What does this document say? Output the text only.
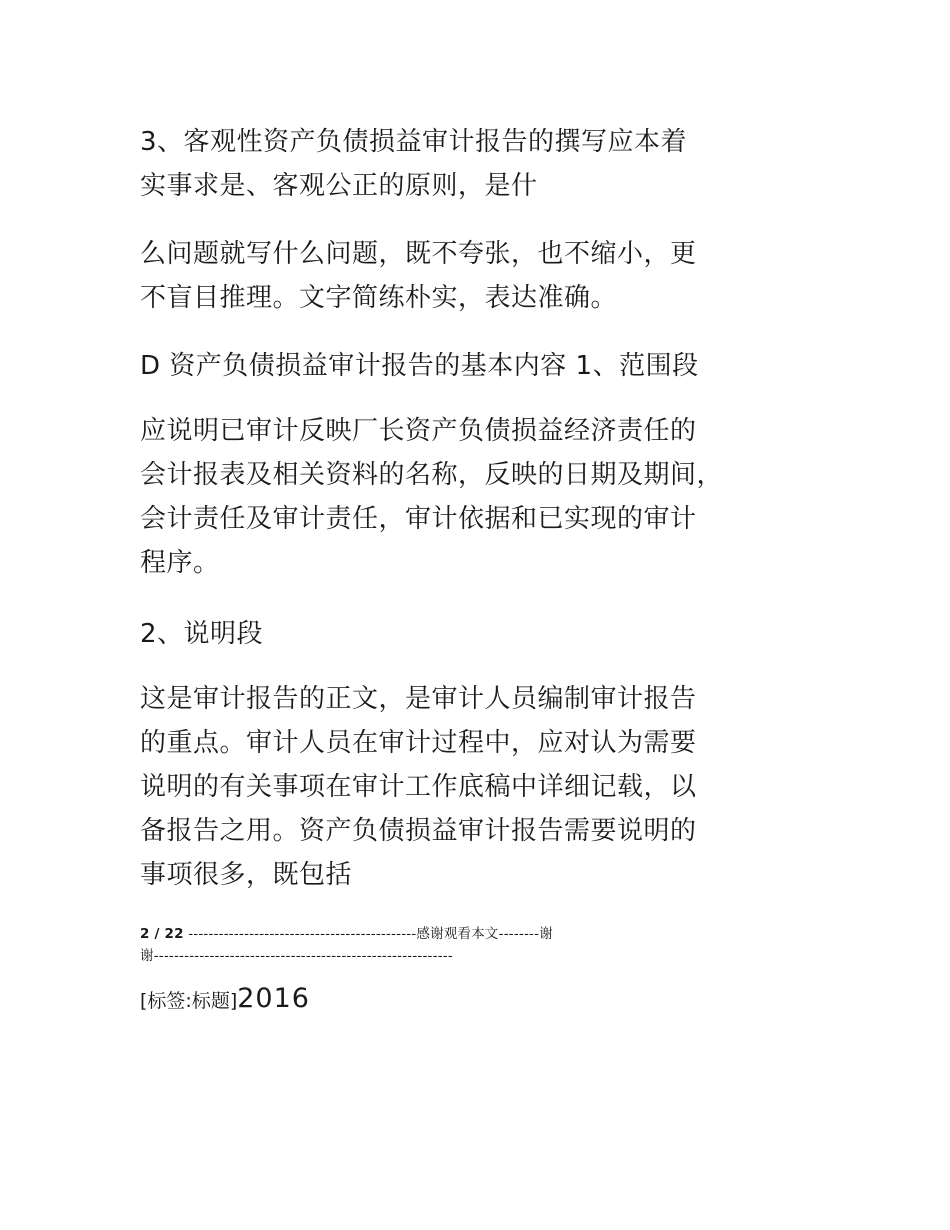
3、客观性资产负债损益审计报告的撰写应本着
实事求是、客观公正的原则，是什

么问题就写什么问题，既不夸张，也不缩小，更
不盲目推理。文字简练朴实，表达准确。

D 资产负债损益审计报告的基本内容 1、范围段

应说明已审计反映厂长资产负债损益经济责任的
会计报表及相关资料的名称，反映的日期及期间，
会计责任及审计责任，审计依据和已实现的审计
程序。

2、说明段

这是审计报告的正文，是审计人员编制审计报告
的重点。审计人员在审计过程中，应对认为需要
说明的有关事项在审计工作底稿中详细记载，以
备报告之用。资产负债损益审计报告需要说明的
事项很多，既包括

2 / 22 ---------------------------------------------感谢观看本文--------谢
谢-----------------------------------------------------------
[标签:标题]2016
